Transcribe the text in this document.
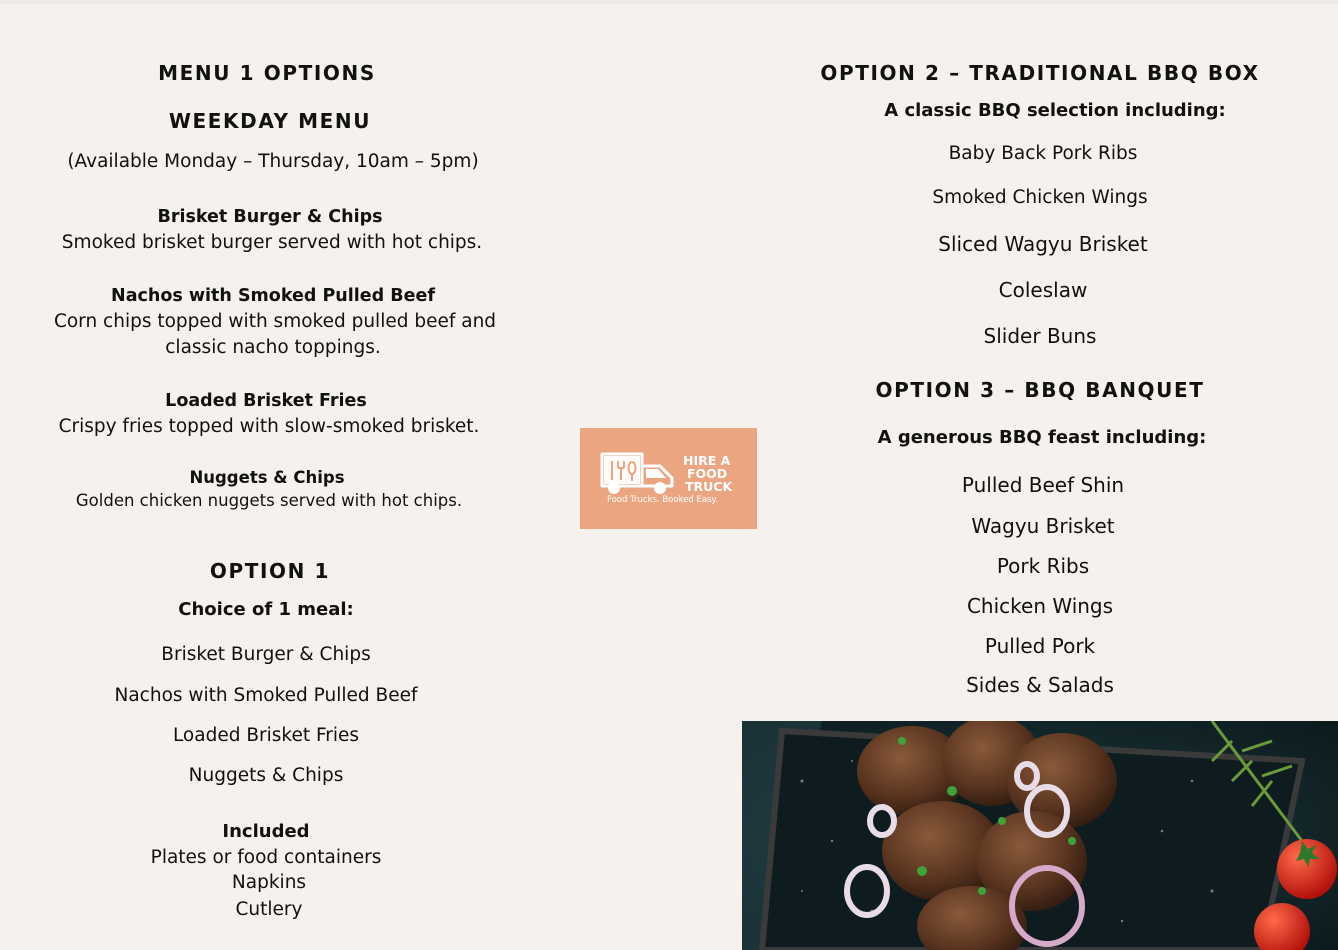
MENU 1 OPTIONS
WEEKDAY MENU
(Available Monday – Thursday, 10am – 5pm)
Brisket Burger & Chips
Smoked brisket burger served with hot chips.
Nachos with Smoked Pulled Beef
Corn chips topped with smoked pulled beef and
classic nacho toppings.
Loaded Brisket Fries
Crispy fries topped with slow-smoked brisket.
Nuggets & Chips
Golden chicken nuggets served with hot chips.
OPTION 1
Choice of 1 meal:
Brisket Burger & Chips
Nachos with Smoked Pulled Beef
Loaded Brisket Fries
Nuggets & Chips
Included
Plates or food containers
Napkins
Cutlery
HIRE A
FOOD
TRUCK
Food Trucks. Booked Easy.
OPTION 2 – TRADITIONAL BBQ BOX
A classic BBQ selection including:
Baby Back Pork Ribs
Smoked Chicken Wings
Sliced Wagyu Brisket
Coleslaw
Slider Buns
OPTION 3 – BBQ BANQUET
A generous BBQ feast including:
Pulled Beef Shin
Wagyu Brisket
Pork Ribs
Chicken Wings
Pulled Pork
Sides & Salads
